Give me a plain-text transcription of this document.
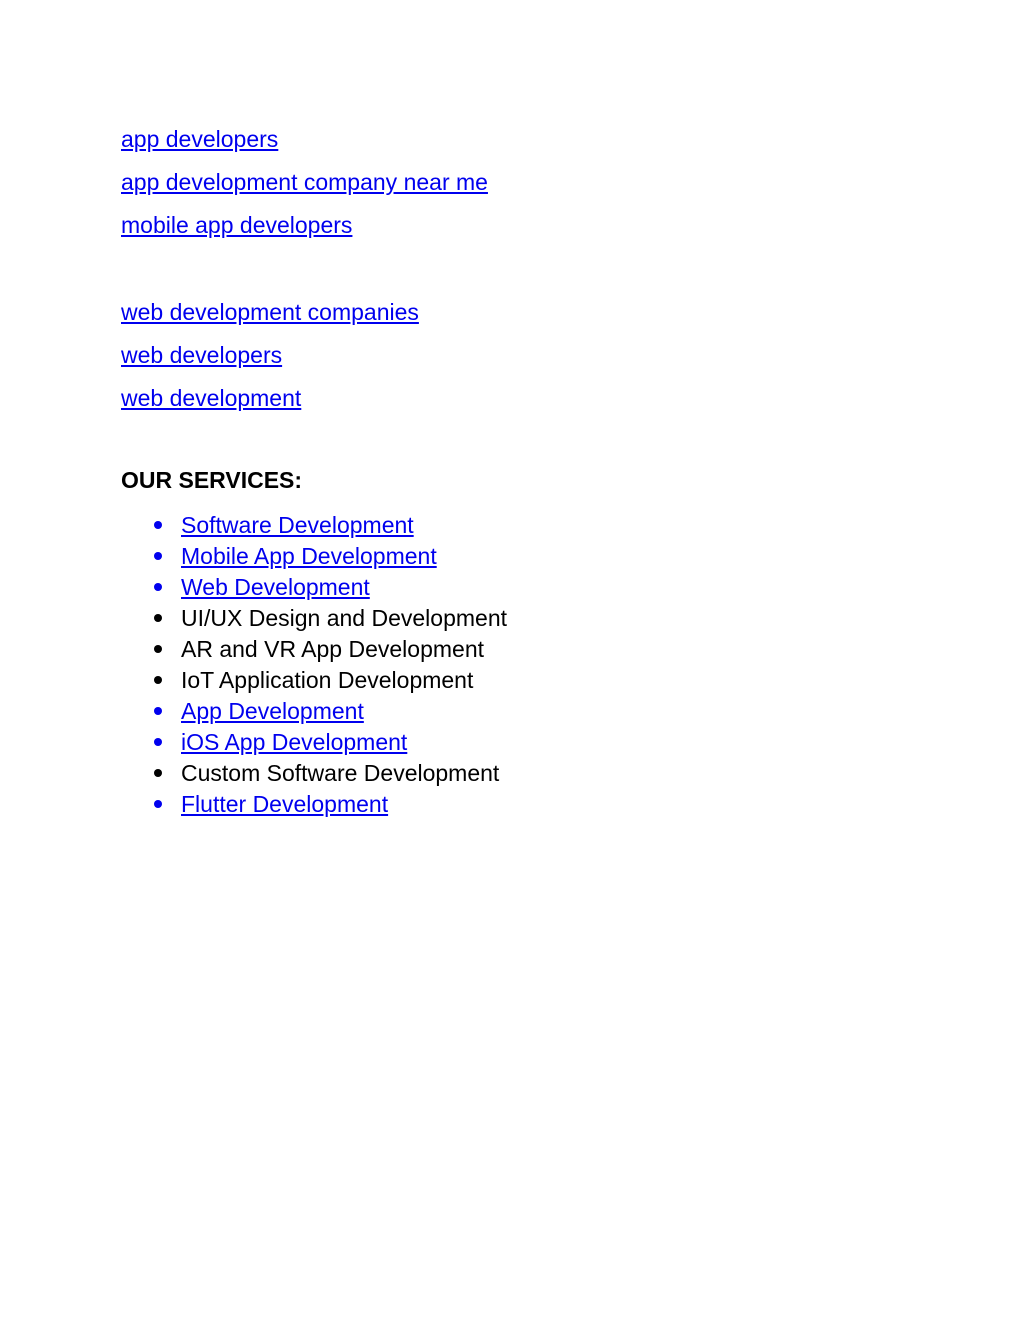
app developers
app development company near me
mobile app developers
web development companies
web developers
web development
OUR SERVICES:
Software Development
Mobile App Development
Web Development
UI/UX Design and Development
AR and VR App Development
IoT Application Development
App Development
iOS App Development
Custom Software Development
Flutter Development
